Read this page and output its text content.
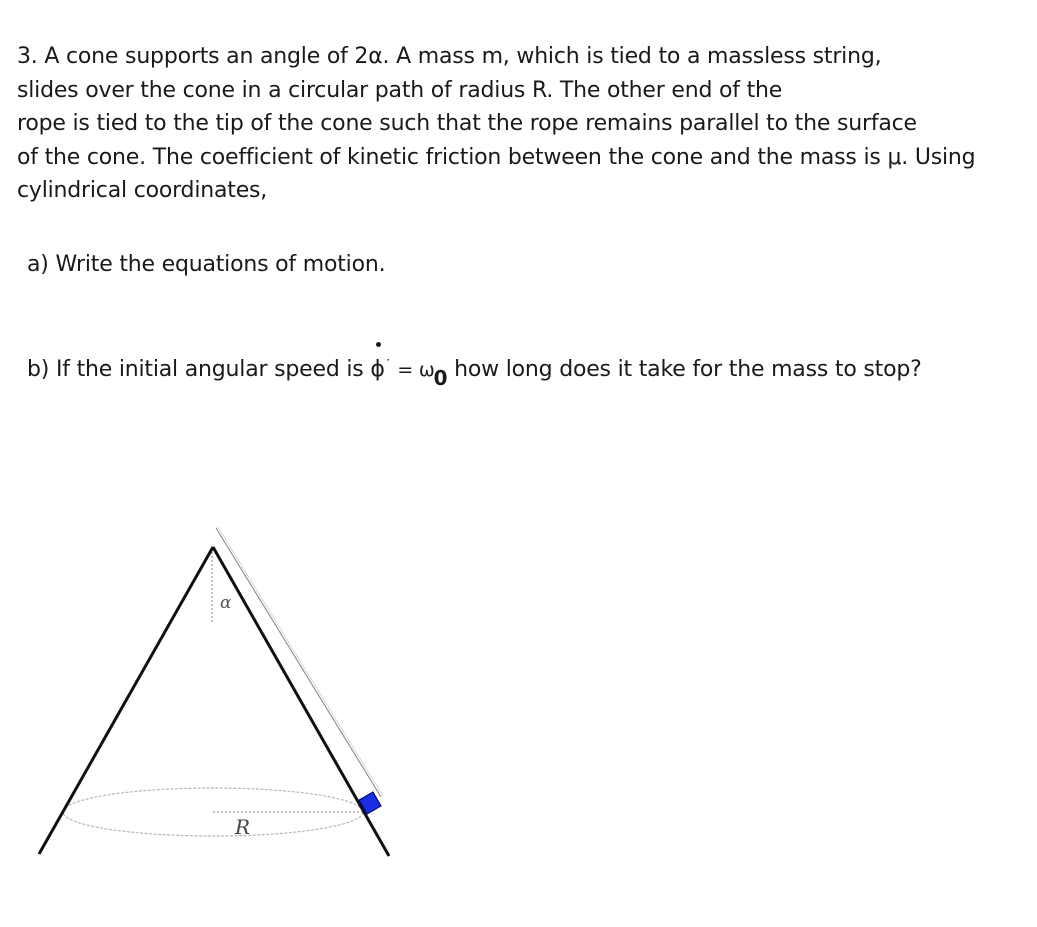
3. A cone supports an angle of 2α. A mass m, which is tied to a massless string,
slides over the cone in a circular path of radius R. The other end of the
rope is tied to the tip of the cone such that the rope remains parallel to the surface
of the cone. The coefficient of kinetic friction between the cone and the mass is μ. Using
cylindrical coordinates,
a) Write the equations of motion.
b) If the initial angular speed is
ϕ˙ = ω0 how long does it take for the mass to stop?
α
R
